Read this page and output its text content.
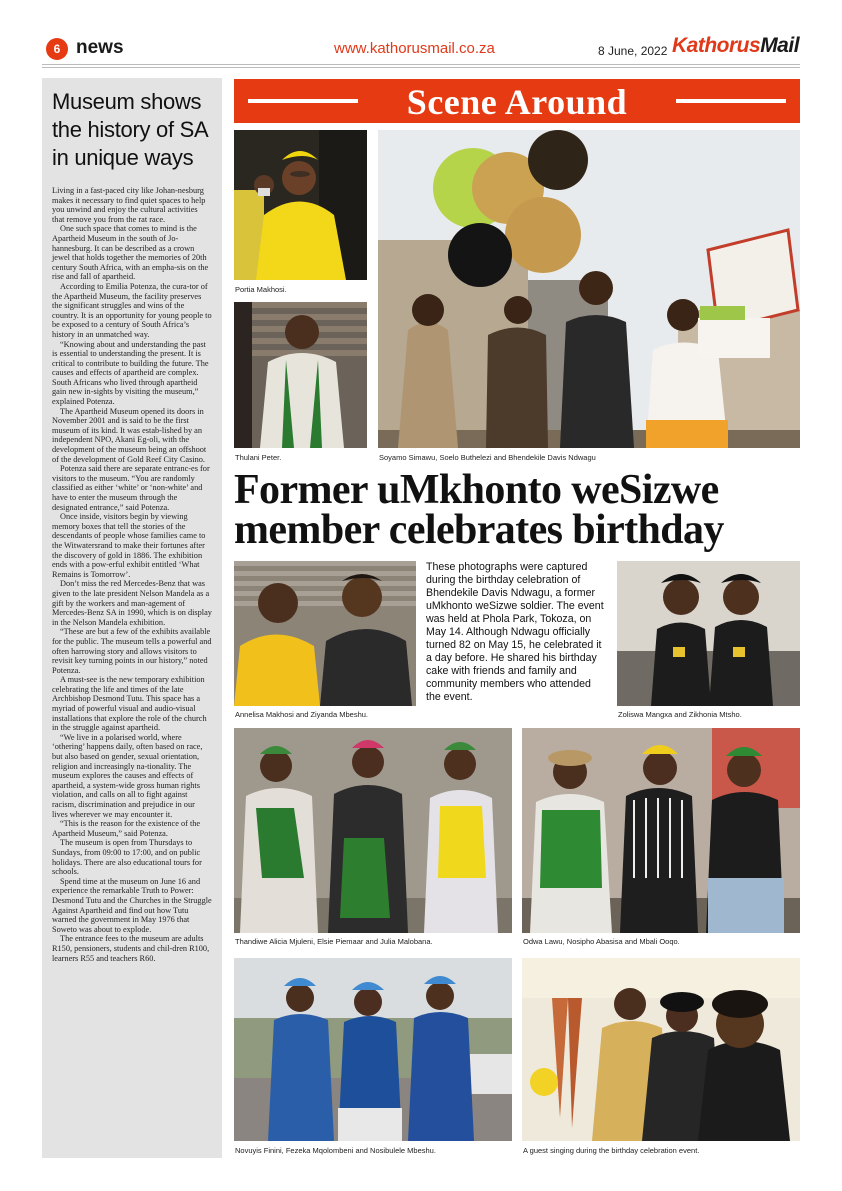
6 news	www.kathorusmail.co.za	8 June, 2022 KathorusMail
Museum shows the history of SA in unique ways

Living in a fast-paced city like Johan-nesburg makes it necessary to find quiet spaces to help you unwind and enjoy the cultural activities that remove you from the rat race.

One such space that comes to mind is the Apartheid Museum in the south of Jo-hannesburg. It can be described as a crown jewel that holds together the memories of 20th century South Africa, with an empha-sis on the rise and fall of apartheid.

According to Emilia Potenza, the cura-tor of the Apartheid Museum, the facility preserves the significant struggles and wins of the country. It is an opportunity for young people to be exposed to a century of South Africa’s history in an unmatched way.

“Knowing about and understanding the past is essential to understanding the present. It is critical to contribute to building the future. The causes and effects of apartheid are complex. South Africans who lived through apartheid gain new in-sights by visiting the museum,” explained Potenza.

The Apartheid Museum opened its doors in November 2001 and is said to be the first museum of its kind. It was estab-lished by an independent NPO, Akani Eg-oli, with the development of the museum being an offshoot of the development of Gold Reef City Casino.

Potenza said there are separate entranc-es for visitors to the museum. “You are randomly classified as either ‘white’ or ‘non-white’ and have to enter the museum through the designated entrance,” said Potenza.

Once inside, visitors begin by viewing memory boxes that tell the stories of the descendants of people whose families came to the Witwatersrand to make their fortunes after the discovery of gold in 1886. The exhibition ends with a pow-erful exhibit entitled ‘What Remains is Tomorrow’.

Don’t miss the red Mercedes-Benz that was given to the late president Nelson Mandela as a gift by the workers and man-agement of Mercedes-Benz SA in 1990, which is on display in the Nelson Mandela exhibition.

“These are but a few of the exhibits available for the public. The museum tells a powerful and often harrowing story and allows visitors to revisit key turning points in our history,” noted Potenza.

A must-see is the new temporary exhibition celebrating the life and times of the late Archbishop Desmond Tutu. This space has a myriad of powerful visual and audio-visual installations that explore the role of the church in the struggle against apartheid.

“We live in a polarised world, where ‘othering’ happens daily, often based on race, but also based on gender, sexual orientation, religion and increasingly na-tionality. The museum explores the causes and effects of apartheid, a system-wide gross human rights violation, and calls on all to fight against racism, discrimination and prejudice in our lives wherever we may encounter it.

“This is the reason for the existence of the Apartheid Museum,” said Potenza.

The museum is open from Thursdays to Sundays, from 09:00 to 17:00, and on public holidays. There are also educational tours for schools.

Spend time at the museum on June 16 and experience the remarkable Truth to Power: Desmond Tutu and the Churches in the Struggle Against Apartheid and find out how Tutu warned the government in May 1976 that Soweto was about to explode.

The entrance fees to the museum are adults R150, pensioners, students and chil-dren R100, learners R55 and teachers R60.

Scene Around
Portia Makhosi.
Thulani Peter.	Soyamo Simawu, Soelo Buthelezi and Bhendekile Davis Ndwagu
Former uMkhonto weSizwe member celebrates birthday
Annelisa Makhosi and Ziyanda Mbeshu.
These photographs were captured during the birthday celebration of Bhendekile Davis Ndwagu, a former uMkhonto weSizwe soldier. The event was held at Phola Park, Tokoza, on May 14. Although Ndwagu officially turned 82 on May 15, he celebrated it a day before. He shared his birthday cake with friends and family and community members who attended the event.
Zoliswa Mangxa and Zikhonia Mtsho.
Thandiwe Alicia Mjuleni, Elsie Piemaar and Julia Malobana.	Odwa Lawu, Nosipho Abasisa and Mbali Ooqo.
Novuyis Finini, Fezeka Mqolombeni and Nosibulele Mbeshu.	A guest singing during the birthday celebration event.
